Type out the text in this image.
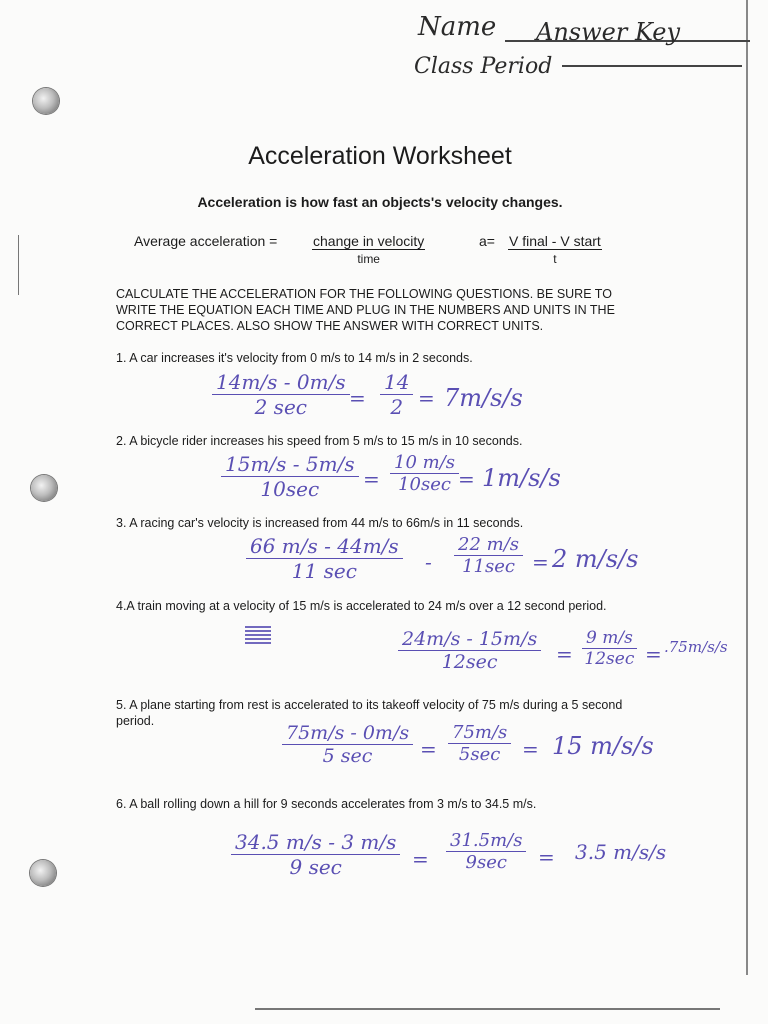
Name Answer Key
Class Period
Acceleration Worksheet
Acceleration is how fast an objects's velocity changes.
Average acceleration =	change in velocity
time
a= V final - V start
t
CALCULATE THE ACCELERATION FOR THE FOLLOWING QUESTIONS. BE SURE TO WRITE THE EQUATION EACH TIME AND PLUG IN THE NUMBERS AND UNITS IN THE CORRECT PLACES. ALSO SHOW THE ANSWER WITH CORRECT UNITS.
1. A car increases it's velocity from 0 m/s to 14 m/s in 2 seconds.
14m/s - 0m/s
2 sec =
14
2 = 7m/s/s
2. A bicycle rider increases his speed from 5 m/s to 15 m/s in 10 seconds.
15m/s - 5m/s
10sec =
10 m/s
10sec = 1m/s/s
3. A racing car's velocity is increased from 44 m/s to 66m/s in 11 seconds.
66 m/s - 44m/s
11 sec	-
22 m/s
11sec = 2 m/s/s
4.A train moving at a velocity of 15 m/s is accelerated to 24 m/s over a 12 second period.
24m/s - 15m/s
12sec	=
9 m/s
12sec = .75m/s/s
5. A plane starting from rest is accelerated to its takeoff velocity of 75 m/s during a 5 second period.
75m/s - 0m/s
5 sec =
75m/s
5sec = 15 m/s/s
6. A ball rolling down a hill for 9 seconds accelerates from 3 m/s to 34.5 m/s.
34.5 m/s - 3 m/s
9 sec	=
31.5m/s
9sec = 3.5 m/s/s
